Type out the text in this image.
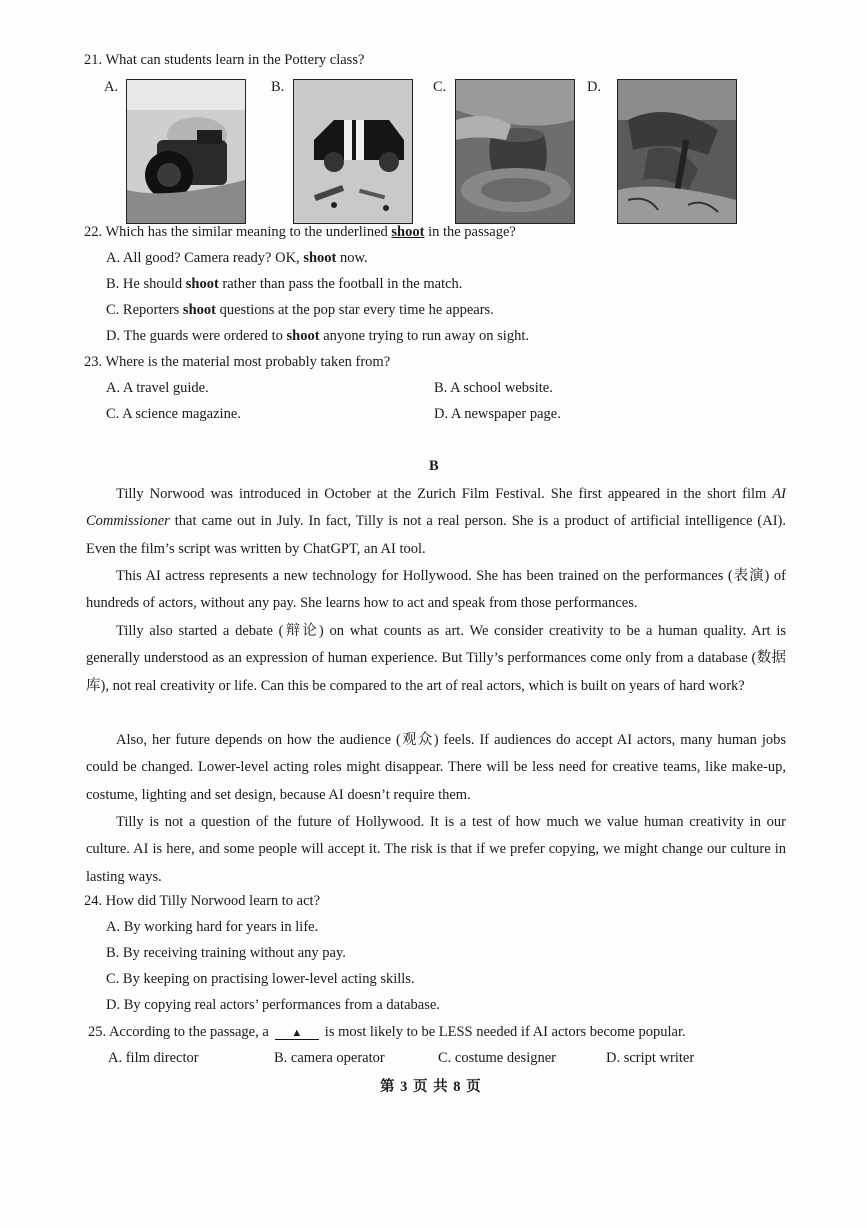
21. What can students learn in the Pottery class?
A.	B.	C.	D.
22. Which has the similar meaning to the underlined shoot in the passage?
A. All good? Camera ready? OK, shoot now.
B. He should shoot rather than pass the football in the match.
C. Reporters shoot questions at the pop star every time he appears.
D. The guards were ordered to shoot anyone trying to run away on sight.
23. Where is the material most probably taken from?
A. A travel guide.	B. A school website.
C. A science magazine.	D. A newspaper page.
B
Tilly Norwood was introduced in October at the Zurich Film Festival. She first appeared in the short film AI Commissioner that came out in July. In fact, Tilly is not a real person. She is a product of artificial intelligence (AI). Even the film’s script was written by ChatGPT, an AI tool.
This AI actress represents a new technology for Hollywood. She has been trained on the performances (表演) of hundreds of actors, without any pay. She learns how to act and speak from those performances.
Tilly also started a debate (辩论) on what counts as art. We consider creativity to be a human quality. Art is generally understood as an expression of human experience. But Tilly’s performances come only from a database (数据库), not real creativity or life. Can this be compared to the art of real actors, which is built on years of hard work?
Also, her future depends on how the audience (观众) feels. If audiences do accept AI actors, many human jobs could be changed. Lower-level acting roles might disappear. There will be less need for creative teams, like make-up, costume, lighting and set design, because AI doesn’t require them.
Tilly is not a question of the future of Hollywood. It is a test of how much we value human creativity in our culture. AI is here, and some people will accept it. The risk is that if we prefer copying, we might change our culture in lasting ways.
24. How did Tilly Norwood learn to act?
A. By working hard for years in life.
B. By receiving training without any pay.
C. By keeping on practising lower-level acting skills.
D. By copying real actors’ performances from a database.
25. According to the passage, a ▲ is most likely to be LESS needed if AI actors become popular.
A. film director	B. camera operator	C. costume designer	D. script writer
第 3 页 共 8 页
